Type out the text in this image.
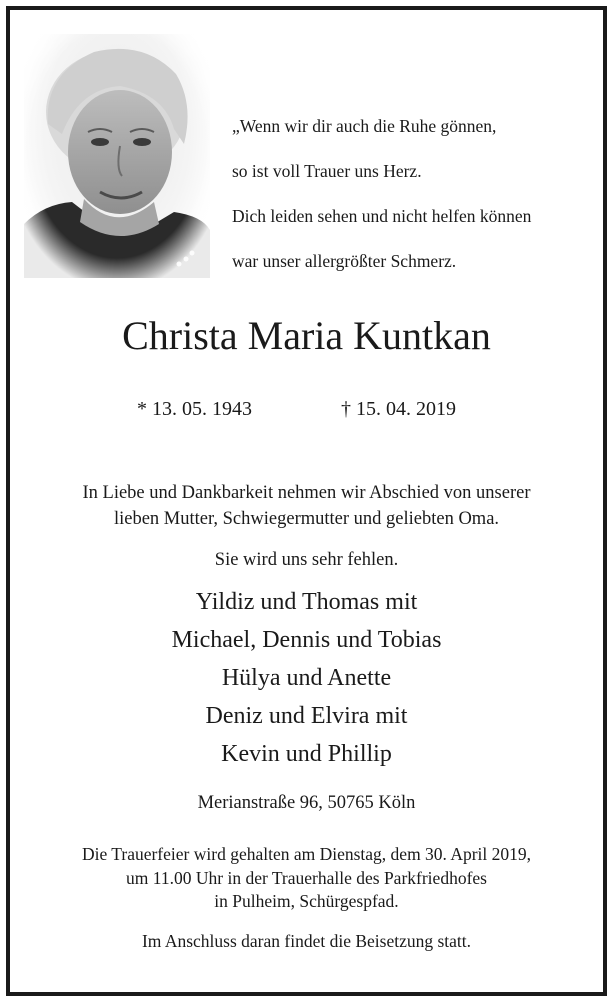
„Wenn wir dir auch die Ruhe gönnen,

so ist voll Trauer uns Herz.

Dich leiden sehen und nicht helfen können

war unser allergrößter Schmerz.

Christa Maria Kuntkan
* 13. 05. 1943	† 15. 04. 2019
In Liebe und Dankbarkeit nehmen wir Abschied von unserer
lieben Mutter, Schwiegermutter und geliebten Oma.
Sie wird uns sehr fehlen.
Yildiz und Thomas mit
Michael, Dennis und Tobias
Hülya und Anette
Deniz und Elvira mit
Kevin und Phillip
Merianstraße 96, 50765 Köln
Die Trauerfeier wird gehalten am Dienstag, dem 30. April 2019,
um 11.00 Uhr in der Trauerhalle des Parkfriedhofes
in Pulheim, Schürgespfad.
Im Anschluss daran findet die Beisetzung statt.
